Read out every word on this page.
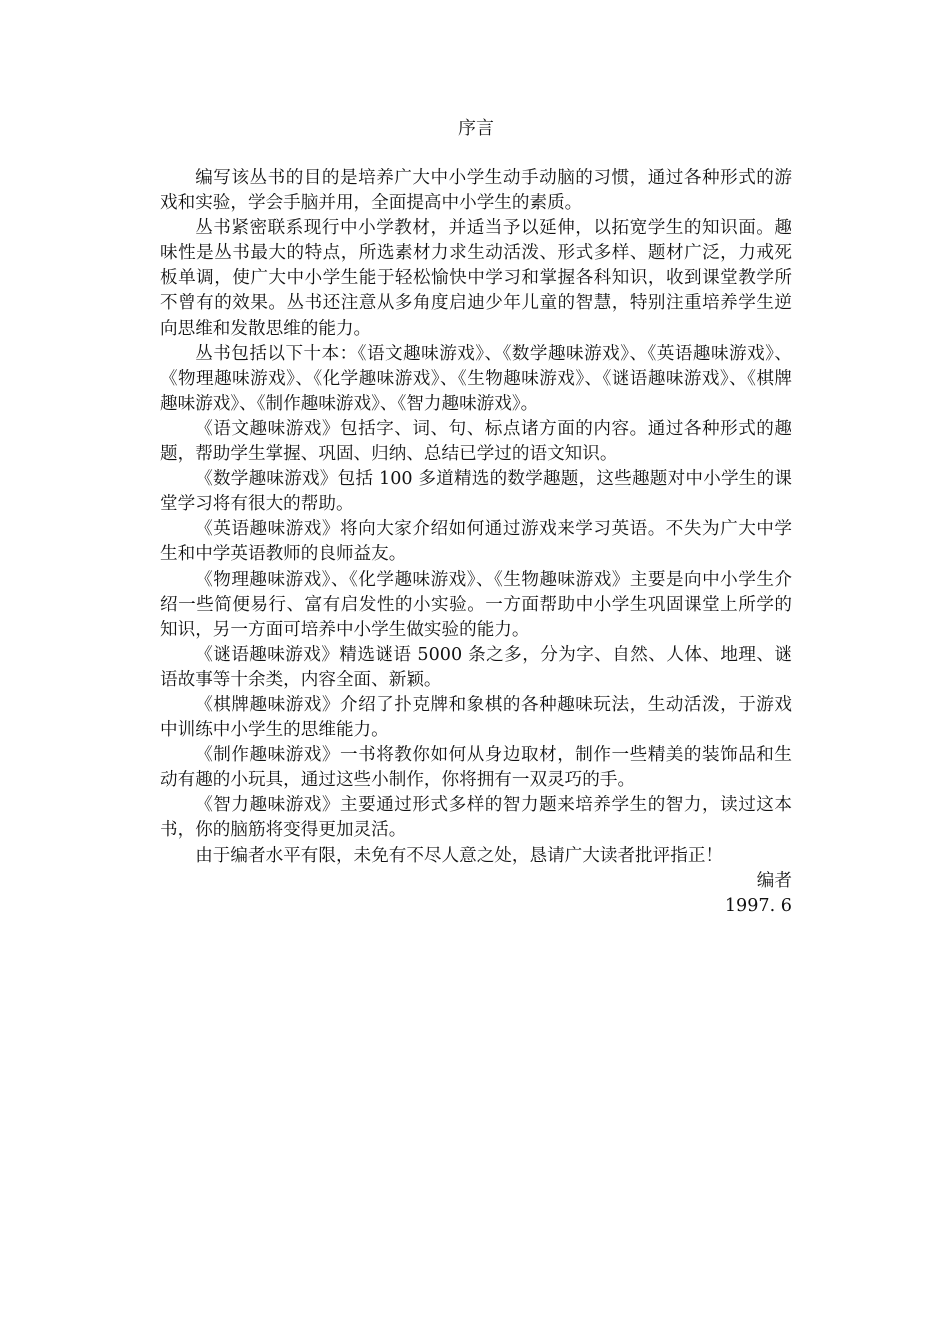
序言

编写该丛书的目的是培养广大中小学生动手动脑的习惯，通过各种形式的游戏和实验，学会手脑并用，全面提高中小学生的素质。

丛书紧密联系现行中小学教材，并适当予以延伸，以拓宽学生的知识面。趣味性是丛书最大的特点，所选素材力求生动活泼、形式多样、题材广泛，力戒死板单调，使广大中小学生能于轻松愉快中学习和掌握各科知识，收到课堂教学所不曾有的效果。丛书还注意从多角度启迪少年儿童的智慧，特别注重培养学生逆向思维和发散思维的能力。

丛书包括以下十本：《语文趣味游戏》、《数学趣味游戏》、《英语趣味游戏》、《物理趣味游戏》、《化学趣味游戏》、《生物趣味游戏》、《谜语趣味游戏》、《棋牌趣味游戏》、《制作趣味游戏》、《智力趣味游戏》。

《语文趣味游戏》包括字、词、句、标点诸方面的内容。通过各种形式的趣题，帮助学生掌握、巩固、归纳、总结已学过的语文知识。

《数学趣味游戏》包括 100 多道精选的数学趣题，这些趣题对中小学生的课堂学习将有很大的帮助。

《英语趣味游戏》将向大家介绍如何通过游戏来学习英语。不失为广大中学生和中学英语教师的良师益友。

《物理趣味游戏》、《化学趣味游戏》、《生物趣味游戏》主要是向中小学生介绍一些简便易行、富有启发性的小实验。一方面帮助中小学生巩固课堂上所学的知识，另一方面可培养中小学生做实验的能力。

《谜语趣味游戏》精选谜语 5000 条之多，分为字、自然、人体、地理、谜语故事等十余类，内容全面、新颖。

《棋牌趣味游戏》介绍了扑克牌和象棋的各种趣味玩法，生动活泼，于游戏中训练中小学生的思维能力。

《制作趣味游戏》一书将教你如何从身边取材，制作一些精美的装饰品和生动有趣的小玩具，通过这些小制作，你将拥有一双灵巧的手。

《智力趣味游戏》主要通过形式多样的智力题来培养学生的智力，读过这本书，你的脑筋将变得更加灵活。

由于编者水平有限，未免有不尽人意之处，恳请广大读者批评指正！

编者

1997. 6
